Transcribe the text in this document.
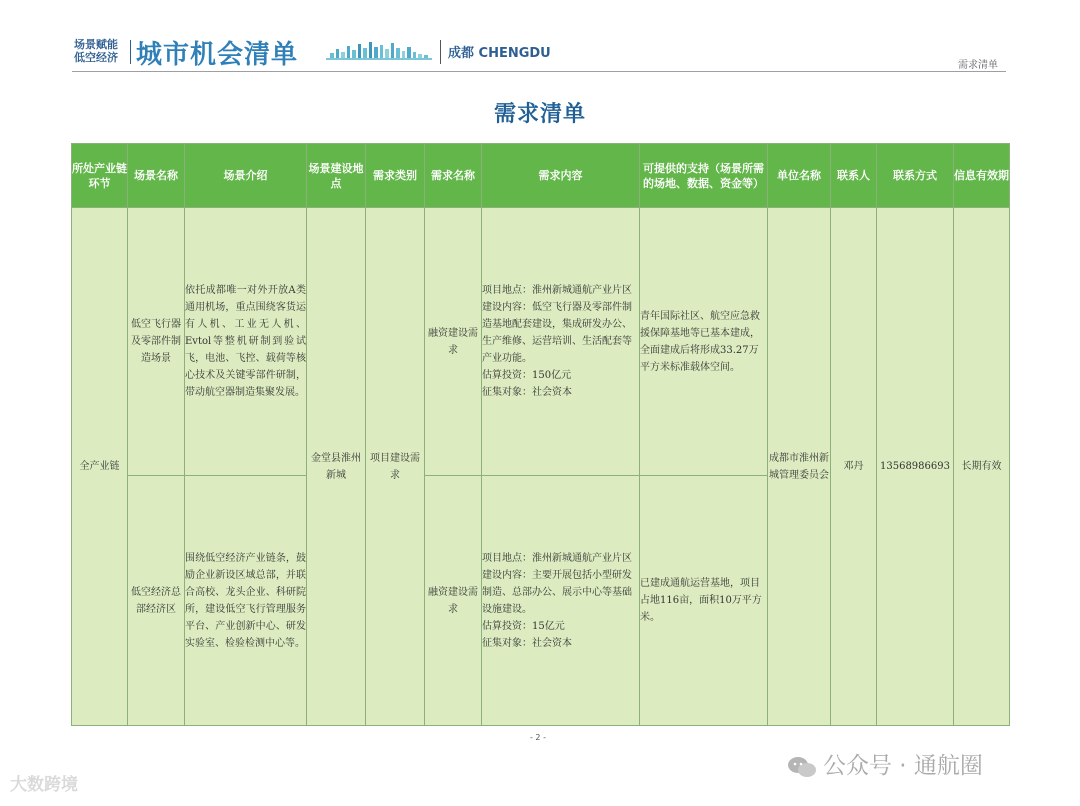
场景赋能
低空经济 城市机会清单	成都 CHENGDU
需求清单
需求清单
所处产业链环节	场景名称	场景介绍	场景建设地点	需求类别	需求名称	需求内容	可提供的支持（场景所需的场地、数据、资金等）	单位名称	联系人	联系方式	信息有效期
全产业链	低空飞行器及零部件制造场景	依托成都唯一对外开放A类通用机场，重点围绕客货运有人机、工业无人机、Evtol等整机研制到验试飞，电池、飞控、载荷等核心技术及关键零部件研制，带动航空器制造集聚发展。	金堂县淮州新城	项目建设需求	融资建设需求	项目地点：淮州新城通航产业片区
建设内容：低空飞行器及零部件制造基地配套建设，集成研发办公、生产维修、运营培训、生活配套等产业功能。
估算投资：150亿元
征集对象：社会资本	青年国际社区、航空应急救援保障基地等已基本建成，全面建成后将形成33.27万平方米标准载体空间。	成都市淮州新城管理委员会	邓丹	13568986693	长期有效
	低空经济总部经济区	围绕低空经济产业链条，鼓励企业新设区域总部，并联合高校、龙头企业、科研院所，建设低空飞行管理服务平台、产业创新中心、研发实验室、检验检测中心等。			融资建设需求	项目地点：淮州新城通航产业片区
建设内容：主要开展包括小型研发制造、总部办公、展示中心等基础设施建设。
估算投资：15亿元
征集对象：社会资本	已建成通航运营基地，项目占地116亩，面积10万平方米。				
- 2 -
大数跨境
公众号 · 通航圈
